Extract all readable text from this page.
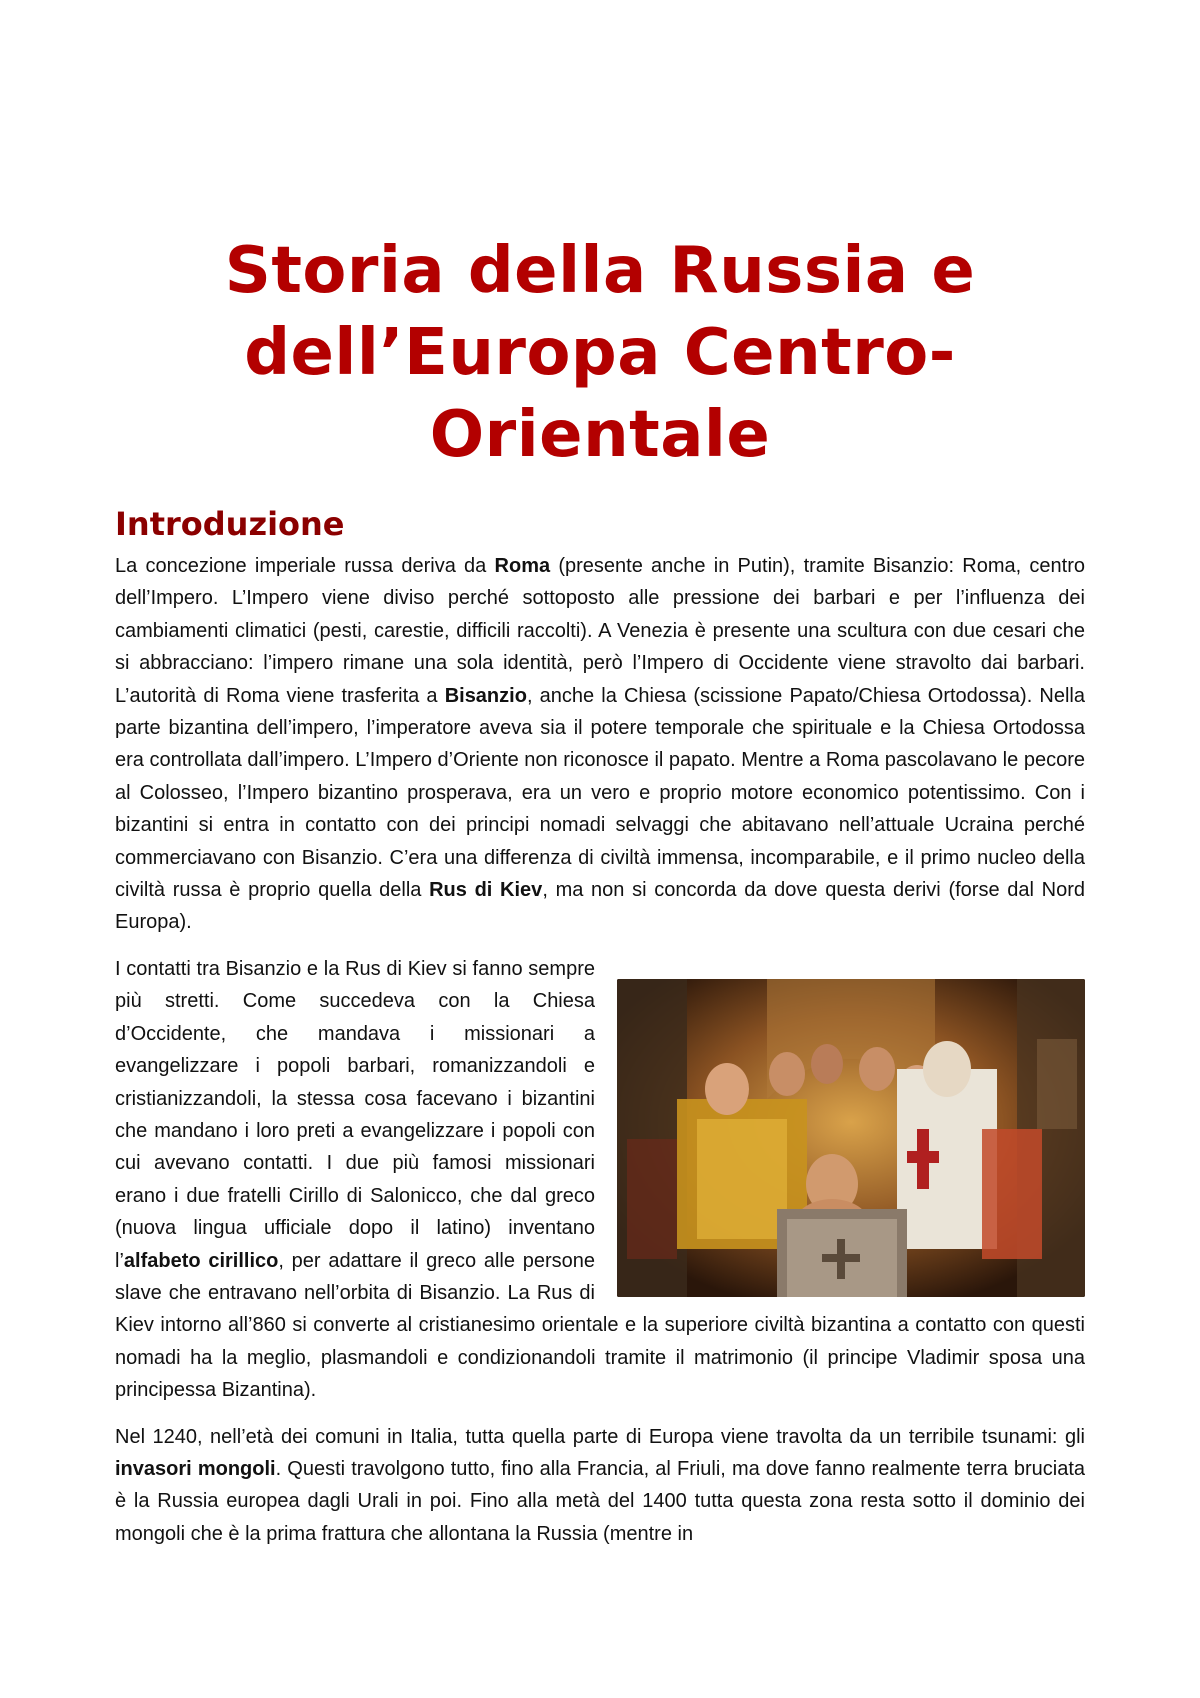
Storia della Russia e dell’Europa Centro-Orientale
Introduzione

La concezione imperiale russa deriva da Roma (presente anche in Putin), tramite Bisanzio: Roma, centro dell’Impero. L’Impero viene diviso perché sottoposto alle pressione dei barbari e per l’influenza dei cambiamenti climatici (pesti, carestie, difficili raccolti). A Venezia è presente una scultura con due cesari che si abbracciano: l’impero rimane una sola identità, però l’Impero di Occidente viene stravolto dai barbari. L’autorità di Roma viene trasferita a Bisanzio, anche la Chiesa (scissione Papato/Chiesa Ortodossa). Nella parte bizantina dell’impero, l’imperatore aveva sia il potere temporale che spirituale e la Chiesa Ortodossa era controllata dall’impero. L’Impero d’Oriente non riconosce il papato. Mentre a Roma pascolavano le pecore al Colosseo, l’Impero bizantino prosperava, era un vero e proprio motore economico potentissimo. Con i bizantini si entra in contatto con dei principi nomadi selvaggi che abitavano nell’attuale Ucraina perché commerciavano con Bisanzio. C’era una differenza di civiltà immensa, incomparabile, e il primo nucleo della civiltà russa è proprio quella della Rus di Kiev, ma non si concorda da dove questa derivi (forse dal Nord Europa).

I contatti tra Bisanzio e la Rus di Kiev si fanno sempre più stretti. Come succedeva con la Chiesa d’Occidente, che mandava i missionari a evangelizzare i popoli barbari, romanizzandoli e cristianizzandoli, la stessa cosa facevano i bizantini che mandano i loro preti a evangelizzare i popoli con cui avevano contatti. I due più famosi missionari erano i due fratelli Cirillo di Salonicco, che dal greco (nuova lingua ufficiale dopo il latino) inventano l’alfabeto cirillico, per adattare il greco alle persone slave che entravano nell’orbita di Bisanzio. La Rus di Kiev intorno all’860 si converte al cristianesimo orientale e la superiore civiltà bizantina a contatto con questi nomadi ha la meglio, plasmandoli e condizionandoli tramite il matrimonio (il principe Vladimir sposa una principessa Bizantina).

Nel 1240, nell’età dei comuni in Italia, tutta quella parte di Europa viene travolta da un terribile tsunami: gli invasori mongoli. Questi travolgono tutto, fino alla Francia, al Friuli, ma dove fanno realmente terra bruciata è la Russia europea dagli Urali in poi. Fino alla metà del 1400 tutta questa zona resta sotto il dominio dei mongoli che è la prima frattura che allontana la Russia (mentre in
